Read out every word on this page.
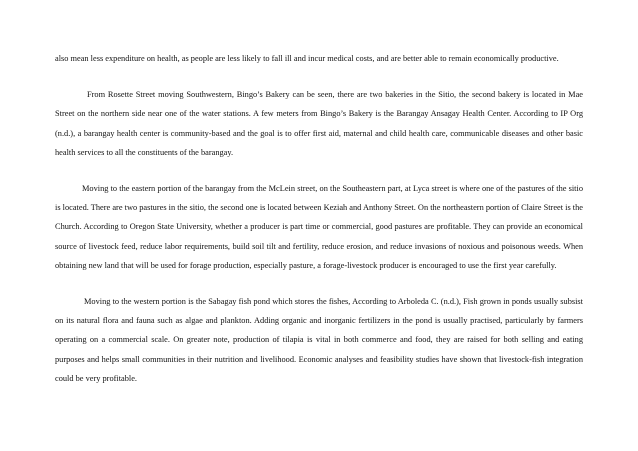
also mean less expenditure on health, as people are less likely to fall ill and incur medical costs, and are better able to remain economically productive.

From Rosette Street moving Southwestern, Bingo’s Bakery can be seen, there are two bakeries in the Sitio, the second bakery is located in Mae Street on the northern side near one of the water stations. A few meters from Bingo’s Bakery is the Barangay Ansagay Health Center. According to IP Org (n.d.), a barangay health center is community-based and the goal is to offer first aid, maternal and child health care, communicable diseases and other basic health services to all the constituents of the barangay.

Moving to the eastern portion of the barangay from the McLein street, on the Southeastern part, at Lyca street is where one of the pastures of the sitio is located. There are two pastures in the sitio, the second one is located between Keziah and Anthony Street. On the northeastern portion of Claire Street is the Church. According to Oregon State University, whether a producer is part time or commercial, good pastures are profitable. They can provide an economical source of livestock feed, reduce labor requirements, build soil tilt and fertility, reduce erosion, and reduce invasions of noxious and poisonous weeds. When obtaining new land that will be used for forage production, especially pasture, a forage-livestock producer is encouraged to use the first year carefully.

Moving to the western portion is the Sabagay fish pond which stores the fishes, According to Arboleda C. (n.d.), Fish grown in ponds usually subsist on its natural flora and fauna such as algae and plankton. Adding organic and inorganic fertilizers in the pond is usually practised, particularly by farmers operating on a commercial scale. On greater note, production of tilapia is vital in both commerce and food, they are raised for both selling and eating purposes and helps small communities in their nutrition and livelihood. Economic analyses and feasibility studies have shown that livestock-fish integration could be very profitable.
